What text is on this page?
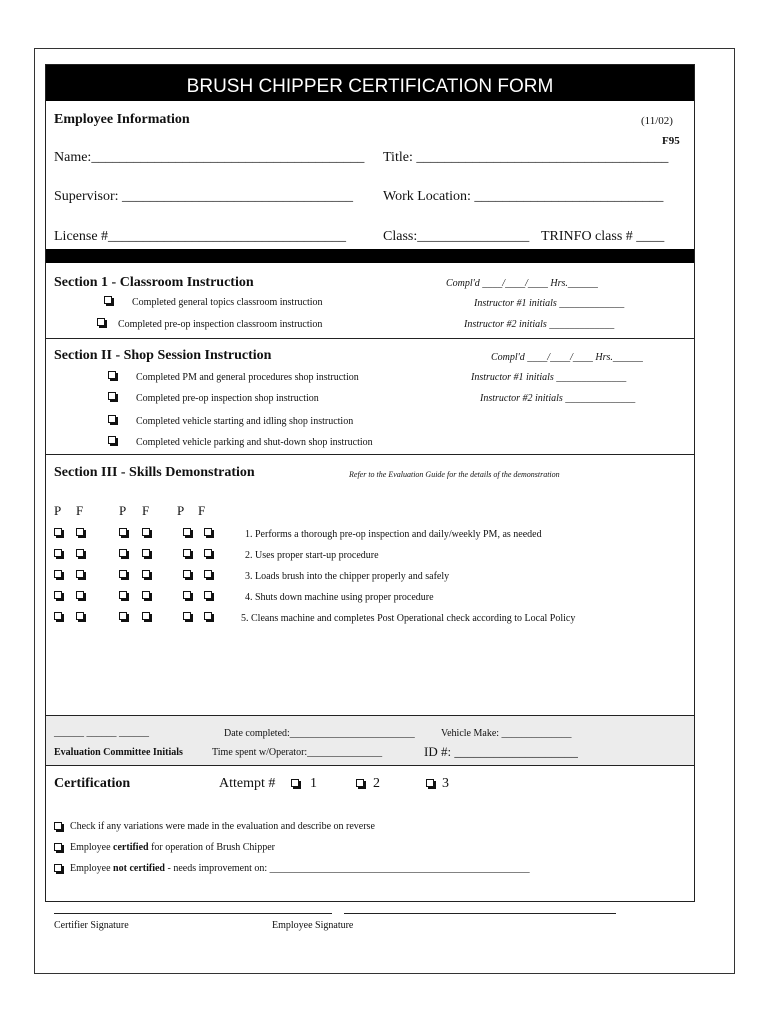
BRUSH CHIPPER CERTIFICATION FORM
Employee Information	(11/02)
F95
Name:_______________________________________ Title: ____________________________________
Supervisor: _________________________________ Work Location: ___________________________
License #__________________________________	Class:________________ TRINFO class # ____
Section 1 - Classroom Instruction	Compl'd ____/____/____ Hrs.______
Completed general topics classroom instruction	Instructor #1 initials _____________
Completed pre-op inspection classroom instruction	Instructor #2 initials _____________
Section II - Shop Session Instruction	Compl'd ____/____/____ Hrs.______
Completed PM and general procedures shop instruction	Instructor #1 initials ______________
Completed pre-op inspection shop instruction	Instructor #2 initials ______________
Completed vehicle starting and idling shop instruction
Completed vehicle parking and shut-down shop instruction
Section III - Skills Demonstration	Refer to the Evaluation Guide for the details of the demonstration
P F	P F P F
1. Performs a thorough pre-op inspection and daily/weekly PM, as needed
2. Uses proper start-up procedure
3. Loads brush into the chipper properly and safely
4. Shuts down machine using proper procedure
5. Cleans machine and completes Post Operational check according to Local Policy
______ ______ ______	Date completed:_________________________	Vehicle Make: ______________
Evaluation Committee Initials	Time spent w/Operator:_______________	ID #: ___________________
Certification	Attempt # 1	2	3
Check if any variations were made in the evaluation and describe on reverse
Employee certified for operation of Brush Chipper
Employee not certified - needs improvement on: ____________________________________________________
Certifier Signature	Employee Signature
